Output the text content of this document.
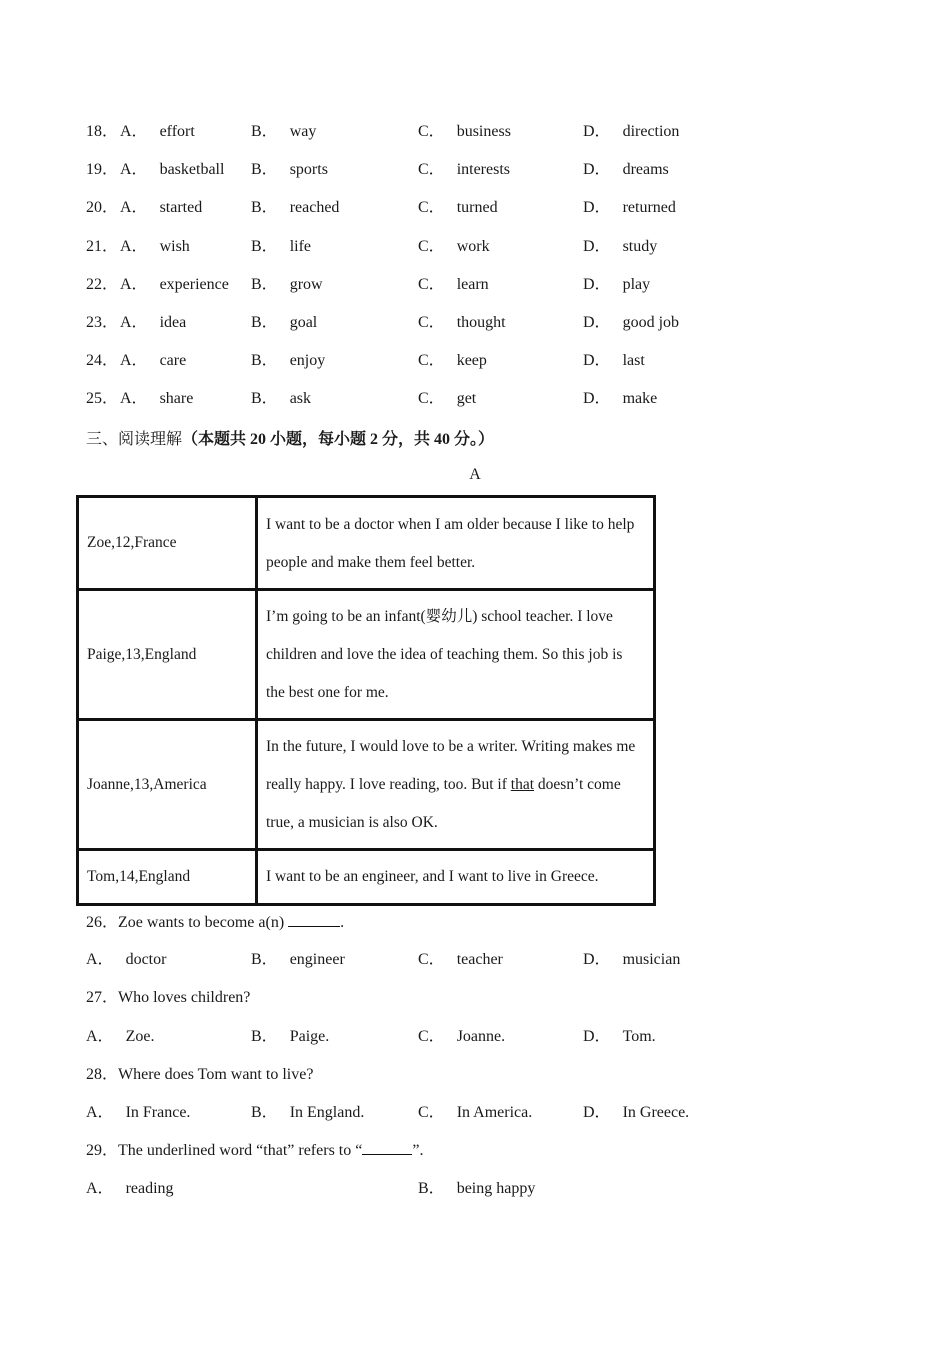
18． A． effort	B． way	C． business	D． direction
19． A． basketball B． sports	C． interests	D． dreams
20． A． started	B． reached	C． turned	D． returned
21． A． wish	B． life	C． work	D． study
22． A． experience B． grow	C． learn	D． play
23． A． idea	B． goal	C． thought	D． good job
24． A． care	B． enjoy	C． keep	D． last
25． A． share	B． ask	C． get	D． make
三、阅读理解（本题共 20 小题，每小题 2 分，共 40 分。）
A
Zoe,12,France	I want to be a doctor when I am older because I like to help people and make them feel better.
Paige,13,England	I’m going to be an infant(婴幼儿) school teacher. I love children and love the idea of teaching them. So this job is the best one for me.
Joanne,13,America	In the future, I would love to be a writer. Writing makes me really happy. I love reading, too. But if that doesn’t come true, a musician is also OK.
Tom,14,England	I want to be an engineer, and I want to live in Greece.
26．Zoe wants to become a(n)	.
A． doctor	B． engineer	C． teacher	D． musician
27．Who loves children?
A． Zoe.	B． Paige.	C． Joanne.	D． Tom.
28．Where does Tom want to live?
A． In France.	B． In England.	C． In America.	D． In Greece.
29．The underlined word “that” refers to “	”.
A． reading	B． being happy
